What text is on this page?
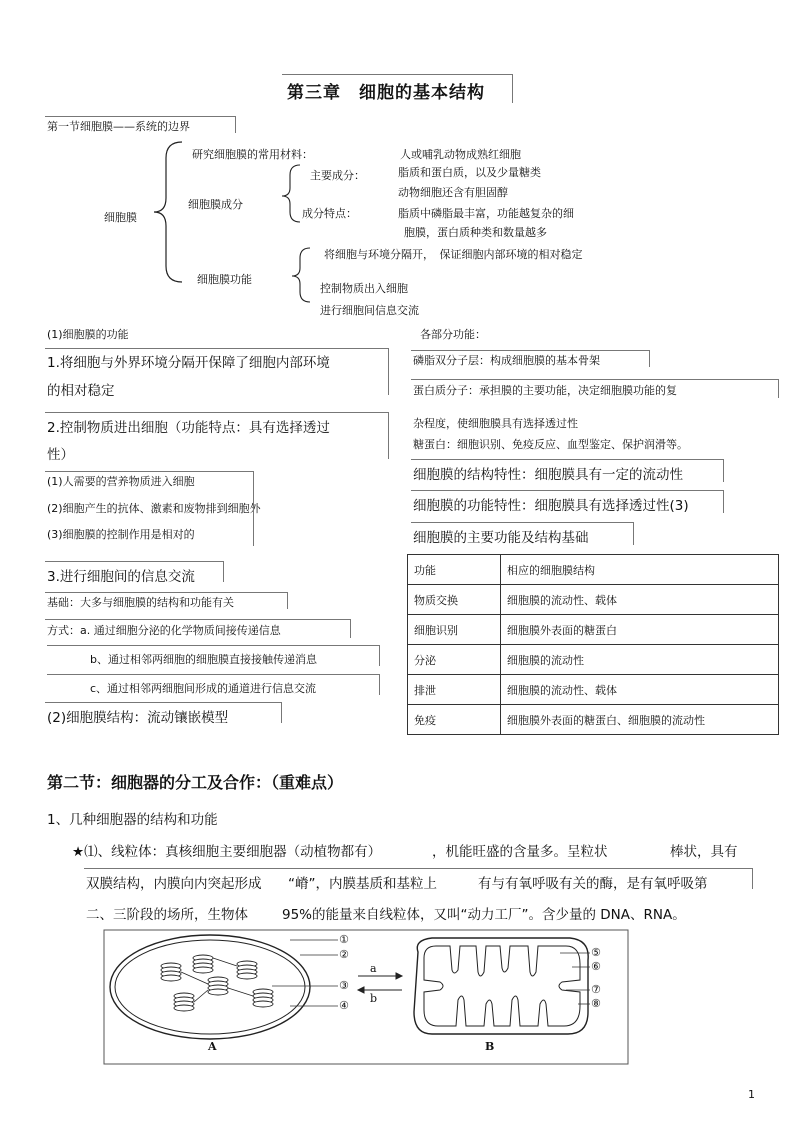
第三章　细胞的基本结构
第一节细胞膜——系统的边界
细胞膜
研究细胞膜的常用材料：	人或哺乳动物成熟红细胞
细胞膜成分
主要成分：	脂质和蛋白质，以及少量糖类
动物细胞还含有胆固醇
成分特点：	脂质中磷脂最丰富，功能越复杂的细
胞膜，蛋白质种类和数量越多
细胞膜功能
将细胞与环境分隔开，　保证细胞内部环境的相对稳定
控制物质出入细胞
进行细胞间信息交流
(1)细胞膜的功能
1.将细胞与外界环境分隔开保障了细胞内部环境
的相对稳定
2.控制物质进出细胞（功能特点：具有选择透过
性）
(1)人需要的营养物质进入细胞
(2)细胞产生的抗体、激素和废物排到细胞外
(3)细胞膜的控制作用是相对的
3.进行细胞间的信息交流
基础：大多与细胞膜的结构和功能有关
方式：a. 通过细胞分泌的化学物质间接传递信息
b、通过相邻两细胞的细胞膜直接接触传递消息
c、通过相邻两细胞间形成的通道进行信息交流
(2)细胞膜结构：流动镶嵌模型
各部分功能：
磷脂双分子层：构成细胞膜的基本骨架
蛋白质分子：承担膜的主要功能，决定细胞膜功能的复
杂程度，使细胞膜具有选择透过性
糖蛋白：细胞识别、免疫反应、血型鉴定、保护润滑等。
细胞膜的结构特性：细胞膜具有一定的流动性
细胞膜的功能特性：细胞膜具有选择透过性(3)
细胞膜的主要功能及结构基础
功能	相应的细胞膜结构
物质交换	细胞膜的流动性、载体
细胞识别	细胞膜外表面的糖蛋白
分泌	细胞膜的流动性
排泄	细胞膜的流动性、载体
免疫	细胞膜外表面的糖蛋白、细胞膜的流动性
第二节：细胞器的分工及合作：（重难点）
1、几种细胞器的结构和功能
★⑴、线粒体：真核细胞主要细胞器（动植物都有）	，机能旺盛的含量多。呈粒状	棒状，具有
双膜结构，内膜向内突起形成 “嵴”，内膜基质和基粒上	有与有氧呼吸有关的酶，是有氧呼吸第
二、三阶段的场所，生物体	95%的能量来自线粒体，又叫“动力工厂”。含少量的 DNA、RNA。
①
②
③
④
⑤
⑥
⑦
⑧
a
b
A	B
1
